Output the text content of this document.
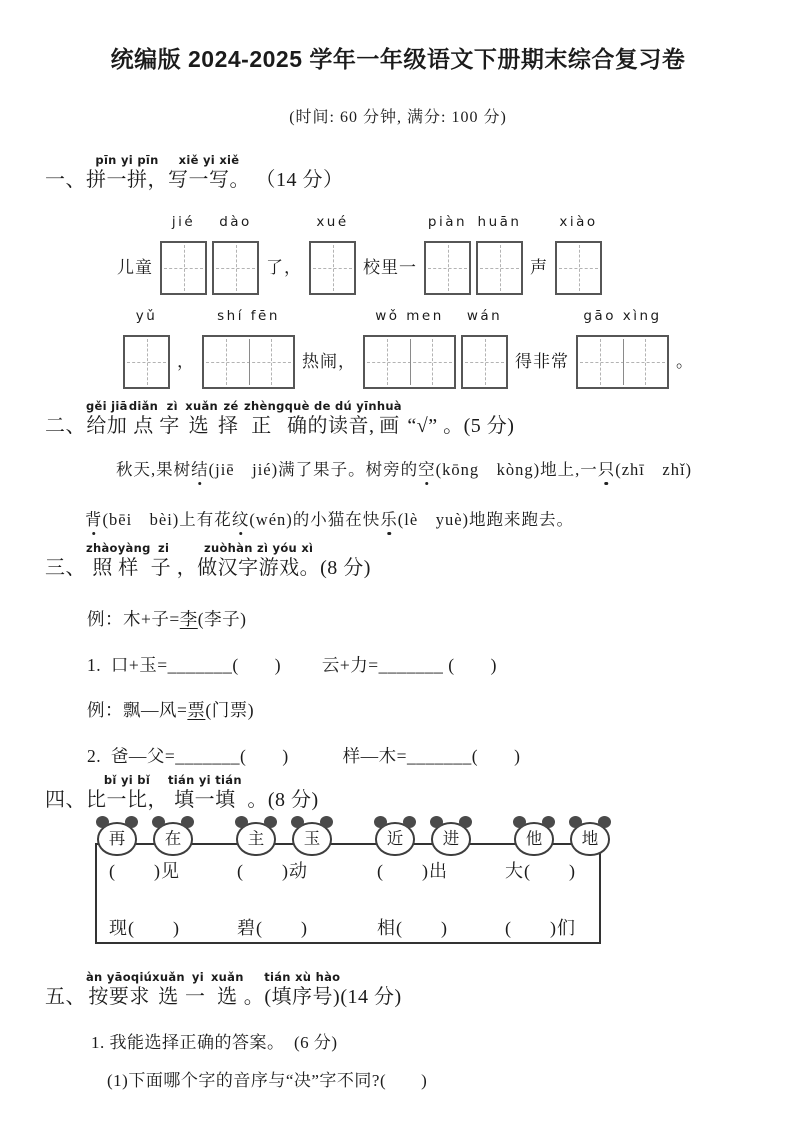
统编版 2024-2025 学年一年级语文下册期末综合复习卷
(时间: 60 分钟, 满分: 100 分)
一、
pīn yi pīn
拼一拼，
xiě yi xiě
写一写。 （14 分）
儿童
jié dào
了，
xué
校里一
piàn huān
声
xiào
yǔ
，
shí fēn
热闹，
wǒ men wán
得非常
gāo xìng
。
二、
gěi jiā
给加
diǎn
点
zì
字
xuǎn
选
zé
择
zhèng
正
què de dú yīn
确的读音,
huà
画 “√” 。(5 分)
秋天,果树结(jiē　jié)满了果子。树旁的空(kōng　kòng)地上,一只(zhī　zhǐ)
背(bēi　bèi)上有花纹(wén)的小猫在快乐(lè　yuè)地跑来跑去。
三、
zhàoyàng
照 样
zi
子 ，
zuòhàn zì yóu xì
做汉字游戏。 (8 分)
例：木+子=李(李子)
1.  口+玉=_______(　　)　　 云+力=_______ (　　)
例：飘—风=票(门票)
2.  爸—父=_______(　　)　　　样—木=_______(　　)
四、
bǐ yi bǐ
比一比，
tián yi tián
填一填 。(8 分)
再 在	主 玉	近 进	他 地
(　　)见	(　　)动	(　　)出	大(　　)
现(　　)	碧(　　)	相(　　)	(　　)们
五、
àn yāoqiú
按要求
xuǎn
选
yi
一
xuǎn
选 。
tián xù hào
(填序号) (14 分)
1. 我能选择正确的答案。  (6 分)
(1)下面哪个字的音序与“决”字不同?(　　)
